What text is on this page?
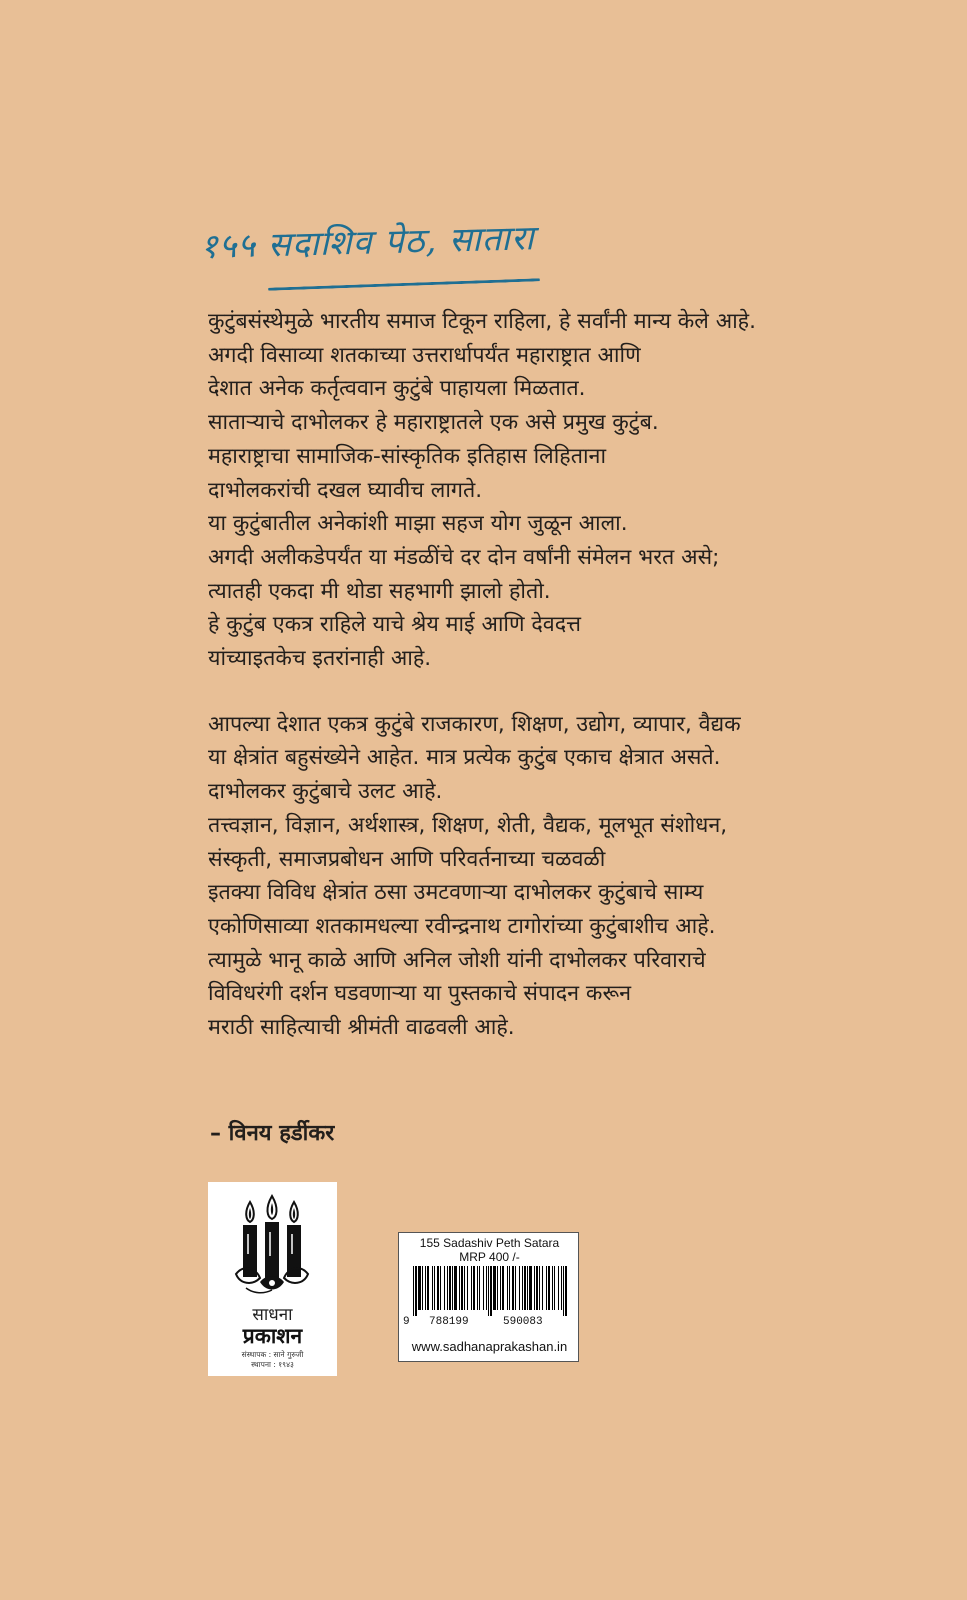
१५५ सदाशिव पेठ, सातारा

कुटुंबसंस्थेमुळे भारतीय समाज टिकून राहिला, हे सर्वांनी मान्य केले आहे.
अगदी विसाव्या शतकाच्या उत्तरार्धापर्यंत महाराष्ट्रात आणि
देशात अनेक कर्तृत्ववान कुटुंबे पाहायला मिळतात.
साताऱ्याचे दाभोलकर हे महाराष्ट्रातले एक असे प्रमुख कुटुंब.
महाराष्ट्राचा सामाजिक-सांस्कृतिक इतिहास लिहिताना
दाभोलकरांची दखल घ्यावीच लागते.
या कुटुंबातील अनेकांशी माझा सहज योग जुळून आला.
अगदी अलीकडेपर्यंत या मंडळींचे दर दोन वर्षांनी संमेलन भरत असे;
त्यातही एकदा मी थोडा सहभागी झालो होतो.
हे कुटुंब एकत्र राहिले याचे श्रेय माई आणि देवदत्त
यांच्याइतकेच इतरांनाही आहे.

आपल्या देशात एकत्र कुटुंबे राजकारण, शिक्षण, उद्योग, व्यापार, वैद्यक
या क्षेत्रांत बहुसंख्येने आहेत. मात्र प्रत्येक कुटुंब एकाच क्षेत्रात असते.
दाभोलकर कुटुंबाचे उलट आहे.
तत्त्वज्ञान, विज्ञान, अर्थशास्त्र, शिक्षण, शेती, वैद्यक, मूलभूत संशोधन,
संस्कृती, समाजप्रबोधन आणि परिवर्तनाच्या चळवळी
इतक्या विविध क्षेत्रांत ठसा उमटवणाऱ्या दाभोलकर कुटुंबाचे साम्य
एकोणिसाव्या शतकामधल्या रवीन्द्रनाथ टागोरांच्या कुटुंबाशीच आहे.
त्यामुळे भानू काळे आणि अनिल जोशी यांनी दाभोलकर परिवाराचे
विविधरंगी दर्शन घडवणाऱ्या या पुस्तकाचे संपादन करून
मराठी साहित्याची श्रीमंती वाढवली आहे.

– विनय हर्डीकर

साधना
प्रकाशन
संस्थापक : साने गुरुजी
स्थापना : १९४३
155 Sadashiv Peth Satara
MRP 400 /-
9 788199	590083
www.sadhanaprakashan.in
